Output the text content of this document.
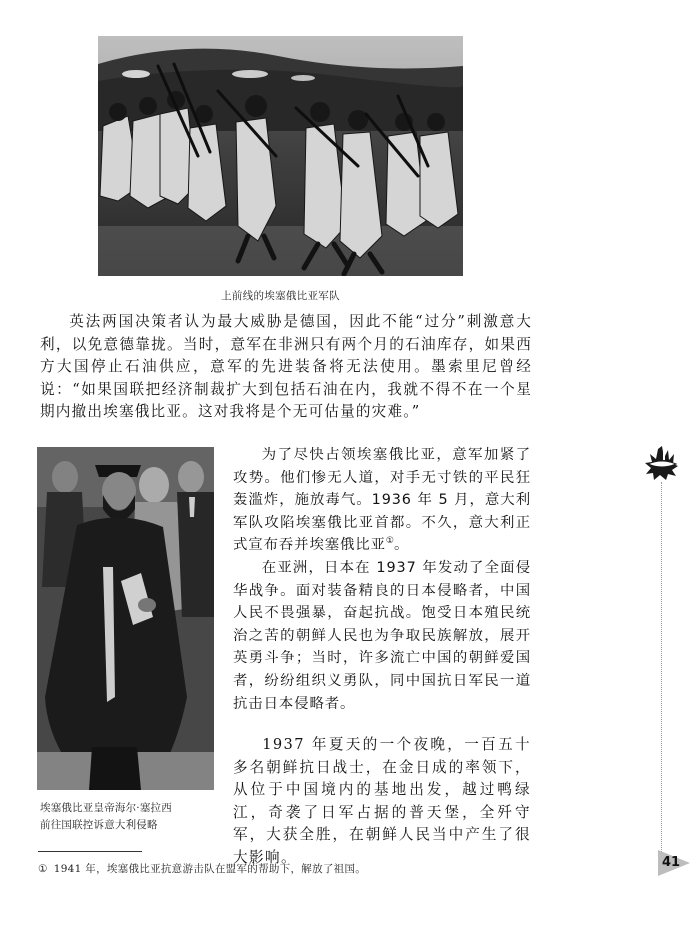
上前线的埃塞俄比亚军队

英法两国决策者认为最大威胁是德国，因此不能“过分”刺激意大利，以免意德靠拢。当时，意军在非洲只有两个月的石油库存，如果西方大国停止石油供应，意军的先进装备将无法使用。墨索里尼曾经说：“如果国联把经济制裁扩大到包括石油在内，我就不得不在一个星期内撤出埃塞俄比亚。这对我将是个无可估量的灾难。”

埃塞俄比亚皇帝海尔·塞拉西
前往国联控诉意大利侵略

为了尽快占领埃塞俄比亚，意军加紧了攻势。他们惨无人道，对手无寸铁的平民狂轰滥炸，施放毒气。1936 年 5 月，意大利军队攻陷埃塞俄比亚首都。不久，意大利正式宣布吞并埃塞俄比亚①。

在亚洲，日本在 1937 年发动了全面侵华战争。面对装备精良的日本侵略者，中国人民不畏强暴，奋起抗战。饱受日本殖民统治之苦的朝鲜人民也为争取民族解放，展开英勇斗争；当时，许多流亡中国的朝鲜爱国者，纷纷组织义勇队，同中国抗日军民一道抗击日本侵略者。

1937 年夏天的一个夜晚，一百五十多名朝鲜抗日战士，在金日成的率领下，从位于中国境内的基地出发，越过鸭绿江，奇袭了日军占据的普天堡，全歼守军，大获全胜，在朝鲜人民当中产生了很大影响。

① 1941 年，埃塞俄比亚抗意游击队在盟军的帮助下，解放了祖国。	41
